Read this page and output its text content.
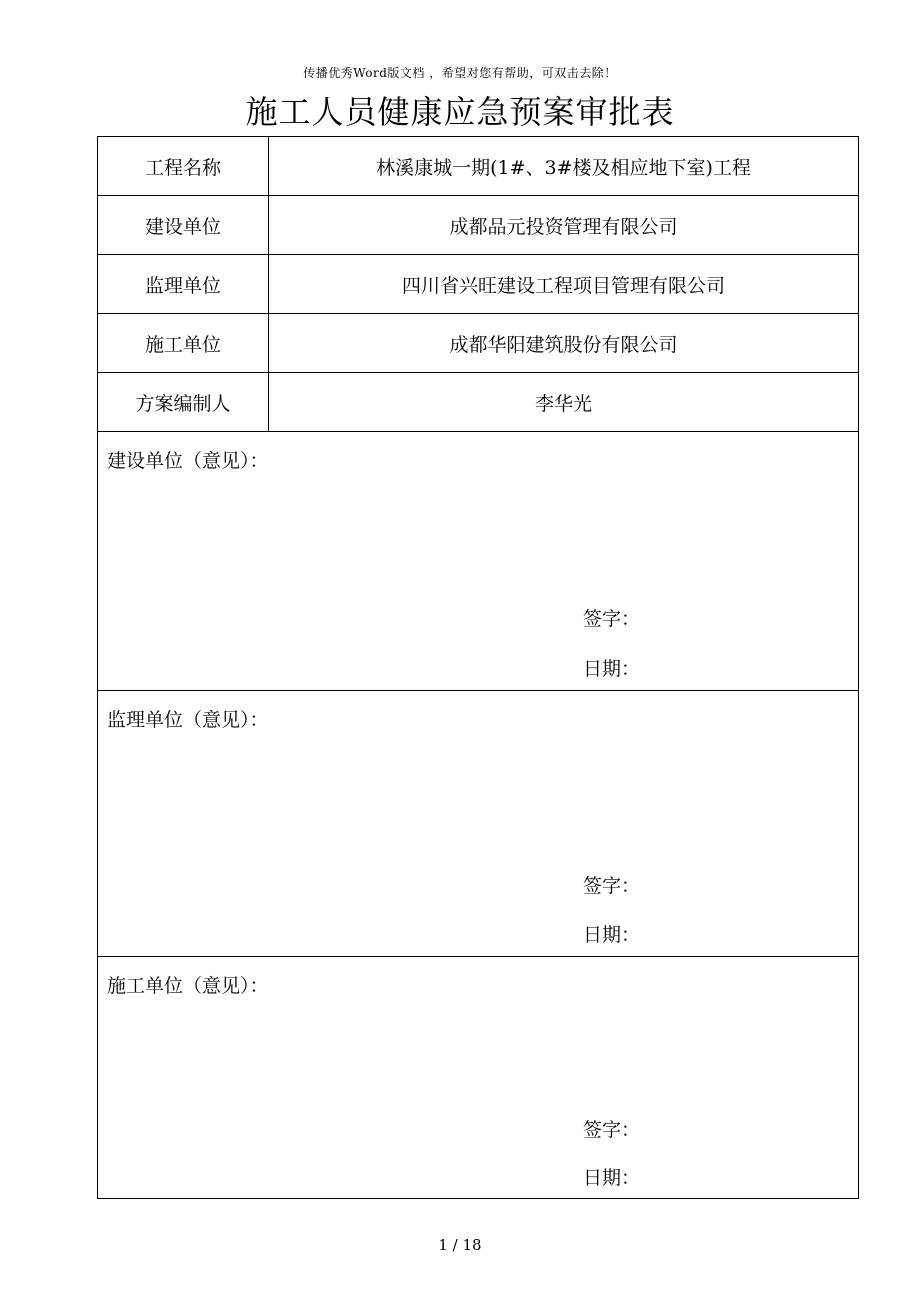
传播优秀Word版文档 ，希望对您有帮助，可双击去除！
施工人员健康应急预案审批表
工程名称	林溪康城一期(1#、3#楼及相应地下室)工程
建设单位	成都品元投资管理有限公司
监理单位	四川省兴旺建设工程项目管理有限公司
施工单位	成都华阳建筑股份有限公司
方案编制人	李华光

建设单位（意见）：
签字：
日期：	

监理单位（意见）：
签字：
日期：	

施工单位（意见）：
签字：
日期：	
1 / 18
